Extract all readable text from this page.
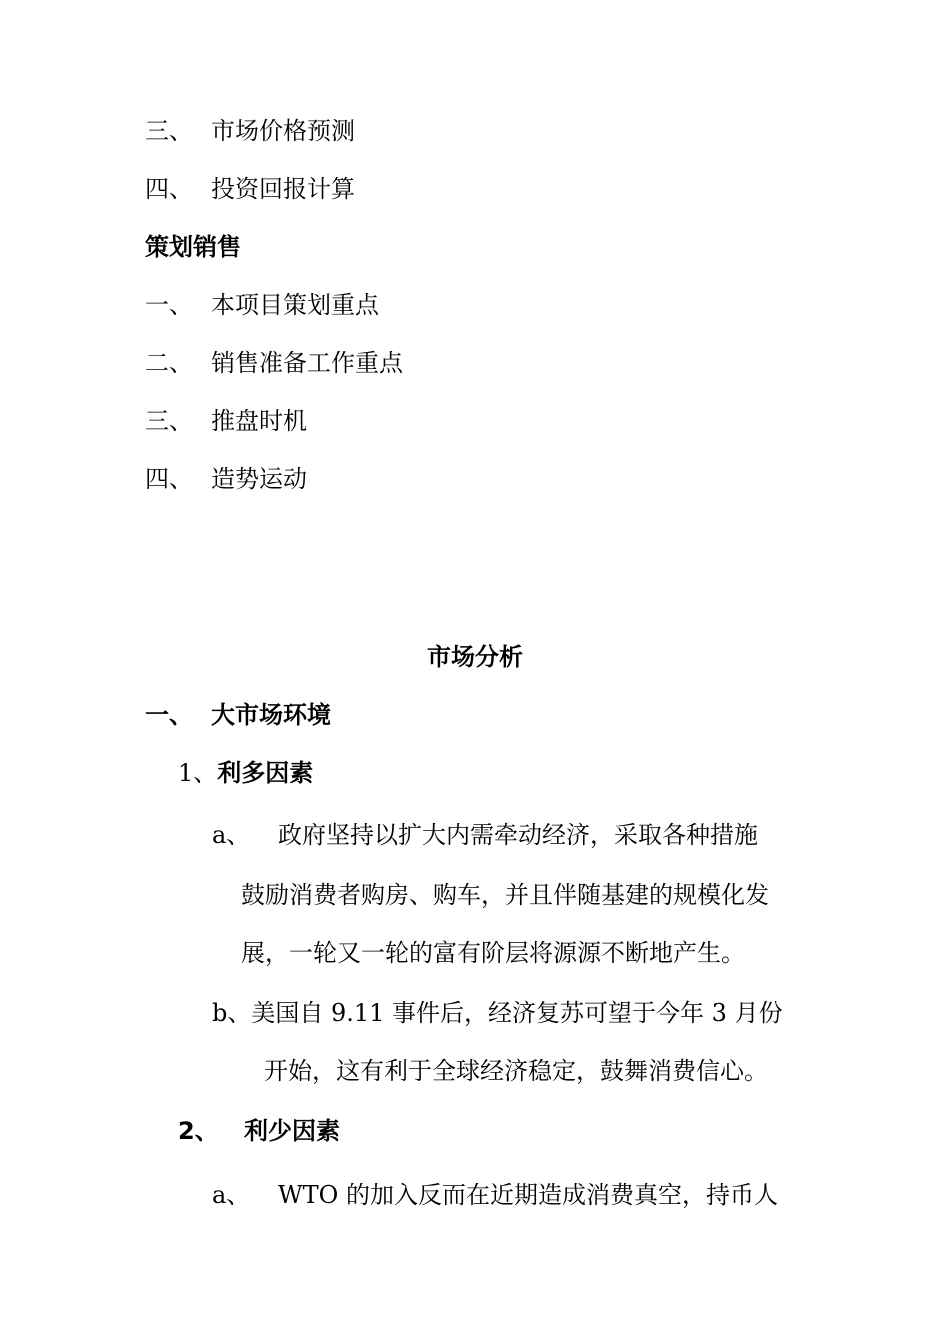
三、 市场价格预测
四、 投资回报计算
策划销售
一、 本项目策划重点
二、 销售准备工作重点
三、 推盘时机
四、 造势运动
市场分析
一、 大市场环境
1、利多因素
a、 政府坚持以扩大内需牵动经济，采取各种措施
鼓励消费者购房、购车，并且伴随基建的规模化发
展，一轮又一轮的富有阶层将源源不断地产生。
b、美国自 9.11 事件后，经济复苏可望于今年 3 月份
开始，这有利于全球经济稳定，鼓舞消费信心。
2、 利少因素
a、 WTO 的加入反而在近期造成消费真空，持币人
